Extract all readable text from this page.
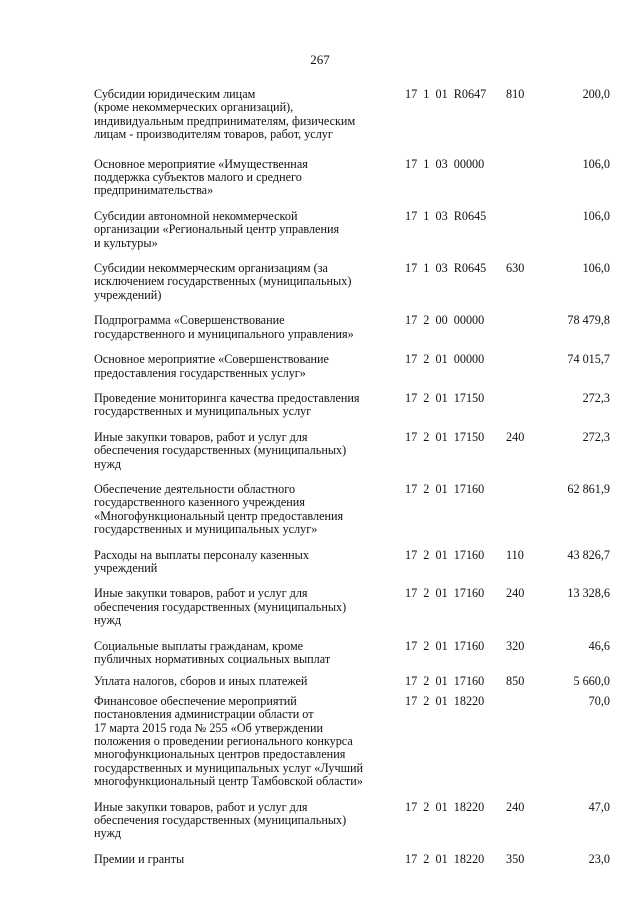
267
Субсидии юридическим лицам
(кроме некоммерческих организаций),
индивидуальным предпринимателям, физическим
лицам - производителям товаров, работ, услуг
17  1  01  R0647 810	200,0
Основное мероприятие «Имущественная
поддержка субъектов малого и среднего
предпринимательства»
17  1  03  00000	106,0
Субсидии автономной некоммерческой
организации «Региональный центр управления
и культуры»
17  1  03  R0645	106,0
Субсидии некоммерческим организациям (за
исключением государственных (муниципальных)
учреждений)
17  1  03  R0645 630	106,0
Подпрограмма «Совершенствование
государственного и муниципального управления»
17  2  00  00000	78 479,8
Основное мероприятие «Совершенствование
предоставления государственных услуг»
17  2  01  00000	74 015,7
Проведение мониторинга качества предоставления
государственных и муниципальных услуг
17  2  01  17150	272,3
Иные закупки товаров, работ и услуг для
обеспечения государственных (муниципальных)
нужд
17  2  01  17150 240	272,3
Обеспечение деятельности областного
государственного казенного учреждения
«Многофункциональный центр предоставления
государственных и муниципальных услуг»
17  2  01  17160	62 861,9
Расходы на выплаты персоналу казенных
учреждений
17  2  01  17160 110	43 826,7
Иные закупки товаров, работ и услуг для
обеспечения государственных (муниципальных)
нужд
17  2  01  17160 240	13 328,6
Социальные выплаты гражданам, кроме
публичных нормативных социальных выплат
17  2  01  17160 320	46,6
Уплата налогов, сборов и иных платежей	17  2  01  17160 850	5 660,0
Финансовое обеспечение мероприятий
постановления администрации области от
17 марта 2015 года № 255 «Об утверждении
положения о проведении регионального конкурса
многофункциональных центров предоставления
государственных и муниципальных услуг «Лучший
многофункциональный центр Тамбовской области»
17  2  01  18220	70,0
Иные закупки товаров, работ и услуг для
обеспечения государственных (муниципальных)
нужд
17  2  01  18220 240	47,0
Премии и гранты	17  2  01  18220 350	23,0
